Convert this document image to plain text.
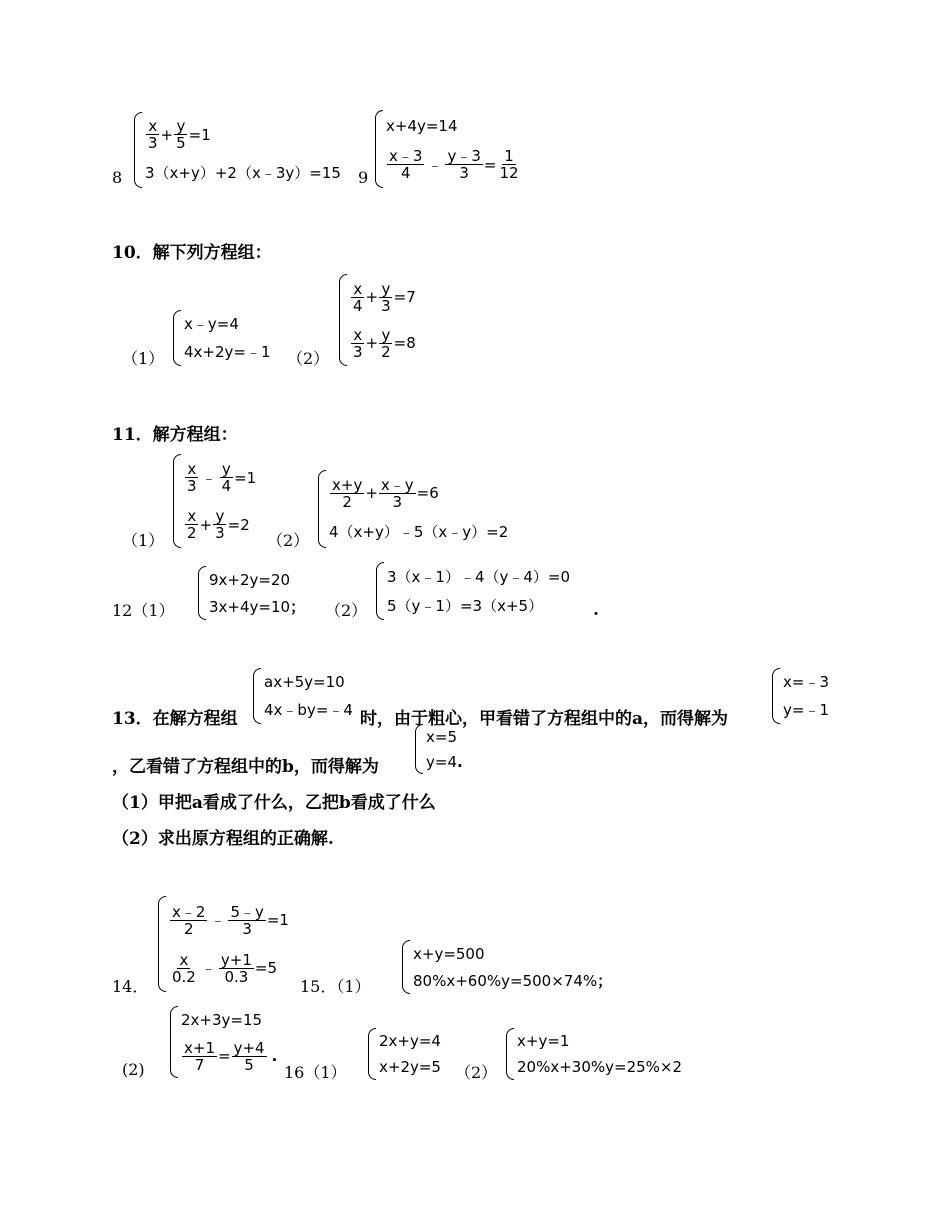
8
$\frac{x}{3} + \frac{y}{5} =1$
3（x+y）+2（x﹣3y）=15 9
x+4y=14
$\frac{x﹣3}{4}$ ﹣ $\frac{y﹣3}{3} = \frac{1}{12}$
10．解下列方程组：
（1）
x﹣y=4
4x+2y=﹣1 （2）
$\frac{x}{4} + \frac{y}{3} =7$
$\frac{x}{3} + \frac{y}{2} =8$
11．解方程组：
（1）
$\frac{x}{3}$ ﹣ $\frac{y}{4} =1$
$\frac{x}{2} + \frac{y}{3} =2$
（2）
$\frac{x+y}{2} + \frac{x﹣y}{3} =6$
4（x+y）﹣5（x﹣y）=2
12（1）
9x+2y=20
3x+4y=10 ； （2）
3（x﹣1）﹣4（y﹣4）=0
5（y﹣1）=3（x+5）	.
13．在解方程组
ax+5y=10
4x﹣by=﹣4 时，由于粗心，甲看错了方程组中的a，而得解为
x=﹣3
y=﹣1
，乙看错了方程组中的b，而得解为
x=5
y=4 .
（1）甲把a看成了什么，乙把b看成了什么
（2）求出原方程组的正确解.
14．
$\frac{x﹣2}{2}$ ﹣ $\frac{5﹣y}{3} =1$
$\frac{x}{0.2}$ ﹣ $\frac{y+1}{0.3} =5$
15．（1）
x+y=500
80%x+60%y=500×74% ；
(2)
2x+3y=15
$\frac{x+1}{7} = \frac{y+4}{5}$ .
16（1）
2x+y=4
x+2y=5 （2）
x+y=1
20%x+30%y=25%×2
